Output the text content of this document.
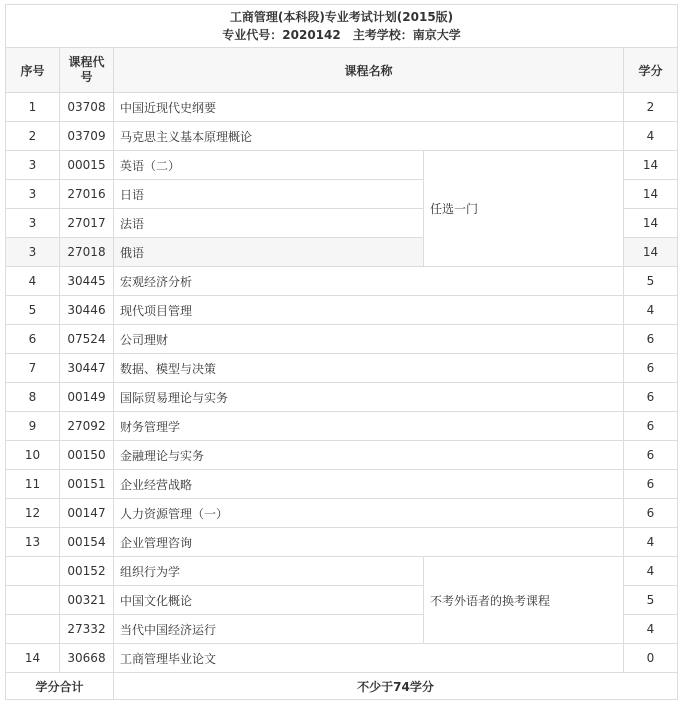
工商管理(本科段)专业考试计划(2015版)
专业代号：2020142　主考学校：南京大学				

序号	课程代号	课程名称		学分
1	03708	中国近现代史纲要		2
2	03709	马克思主义基本原理概论		4
3	00015	英语（二）	任选一门	14
3	27016	日语		14
3	27017	法语		14
3	27018	俄语		14
4	30445	宏观经济分析		5
5	30446	现代项目管理		4
6	07524	公司理财		6
7	30447	数据、模型与决策		6
8	00149	国际贸易理论与实务		6
9	27092	财务管理学		6
10	00150	金融理论与实务		6
11	00151	企业经营战略		6
12	00147	人力资源管理（一）		6
13	00154	企业管理咨询		4
	00152	组织行为学	不考外语者的换考课程	4
	00321	中国文化概论		5
	27332	当代中国经济运行		4
14	30668	工商管理毕业论文		0
学分合计		不少于74学分		
